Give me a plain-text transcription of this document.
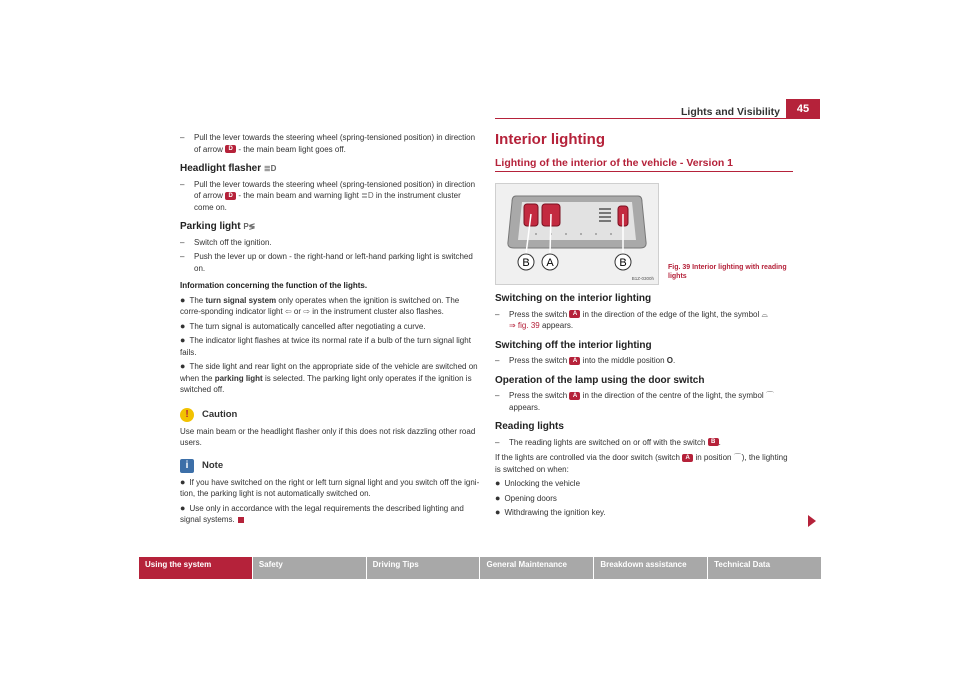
Lights and Visibility	45
– Pull the lever towards the steering wheel (spring-tensioned position) in direction of arrow D - the main beam light goes off.
Headlight flasher ≣D
– Pull the lever towards the steering wheel (spring-tensioned position) in direction of arrow D - the main beam and warning light ≣D in the instrument cluster come on.
Parking light P≶
– Switch off the ignition.
– Push the lever up or down - the right-hand or left-hand parking light is switched on.
Information concerning the function of the lights.
● The turn signal system only operates when the ignition is switched on. The corre-sponding indicator light ⇦ or ⇨ in the instrument cluster also flashes.
● The turn signal is automatically cancelled after negotiating a curve.
● The indicator light flashes at twice its normal rate if a bulb of the turn signal light fails.
● The side light and rear light on the appropriate side of the vehicle are switched on when the parking light is selected. The parking light only operates if the ignition is switched off.
!	Caution
Use main beam or the headlight flasher only if this does not risk dazzling other road users.
i	Note
● If you have switched on the right or left turn signal light and you switch off the igni-tion, the parking light is not automatically switched on.
● Use only in accordance with the legal requirements the described lighting and signal systems.
Interior lighting
Lighting of the interior of the vehicle - Version 1
B A	B
B1Z-0300h
Fig. 39 Interior lighting with reading lights
Switching on the interior lighting
– Press the switch A in the direction of the edge of the light, the symbol ⌓
⇒ fig. 39 appears.
Switching off the interior lighting
– Press the switch A into the middle position O.
Operation of the lamp using the door switch
– Press the switch A in the direction of the centre of the light, the symbol ⌒ appears.
Reading lights
– The reading lights are switched on or off with the switch B .
If the lights are controlled via the door switch (switch A in position ⌒), the lighting is switched on when:
● Unlocking the vehicle
● Opening doors
● Withdrawing the ignition key.
Using the system	Safety	Driving Tips	General Maintenance	Breakdown assistance	Technical Data
